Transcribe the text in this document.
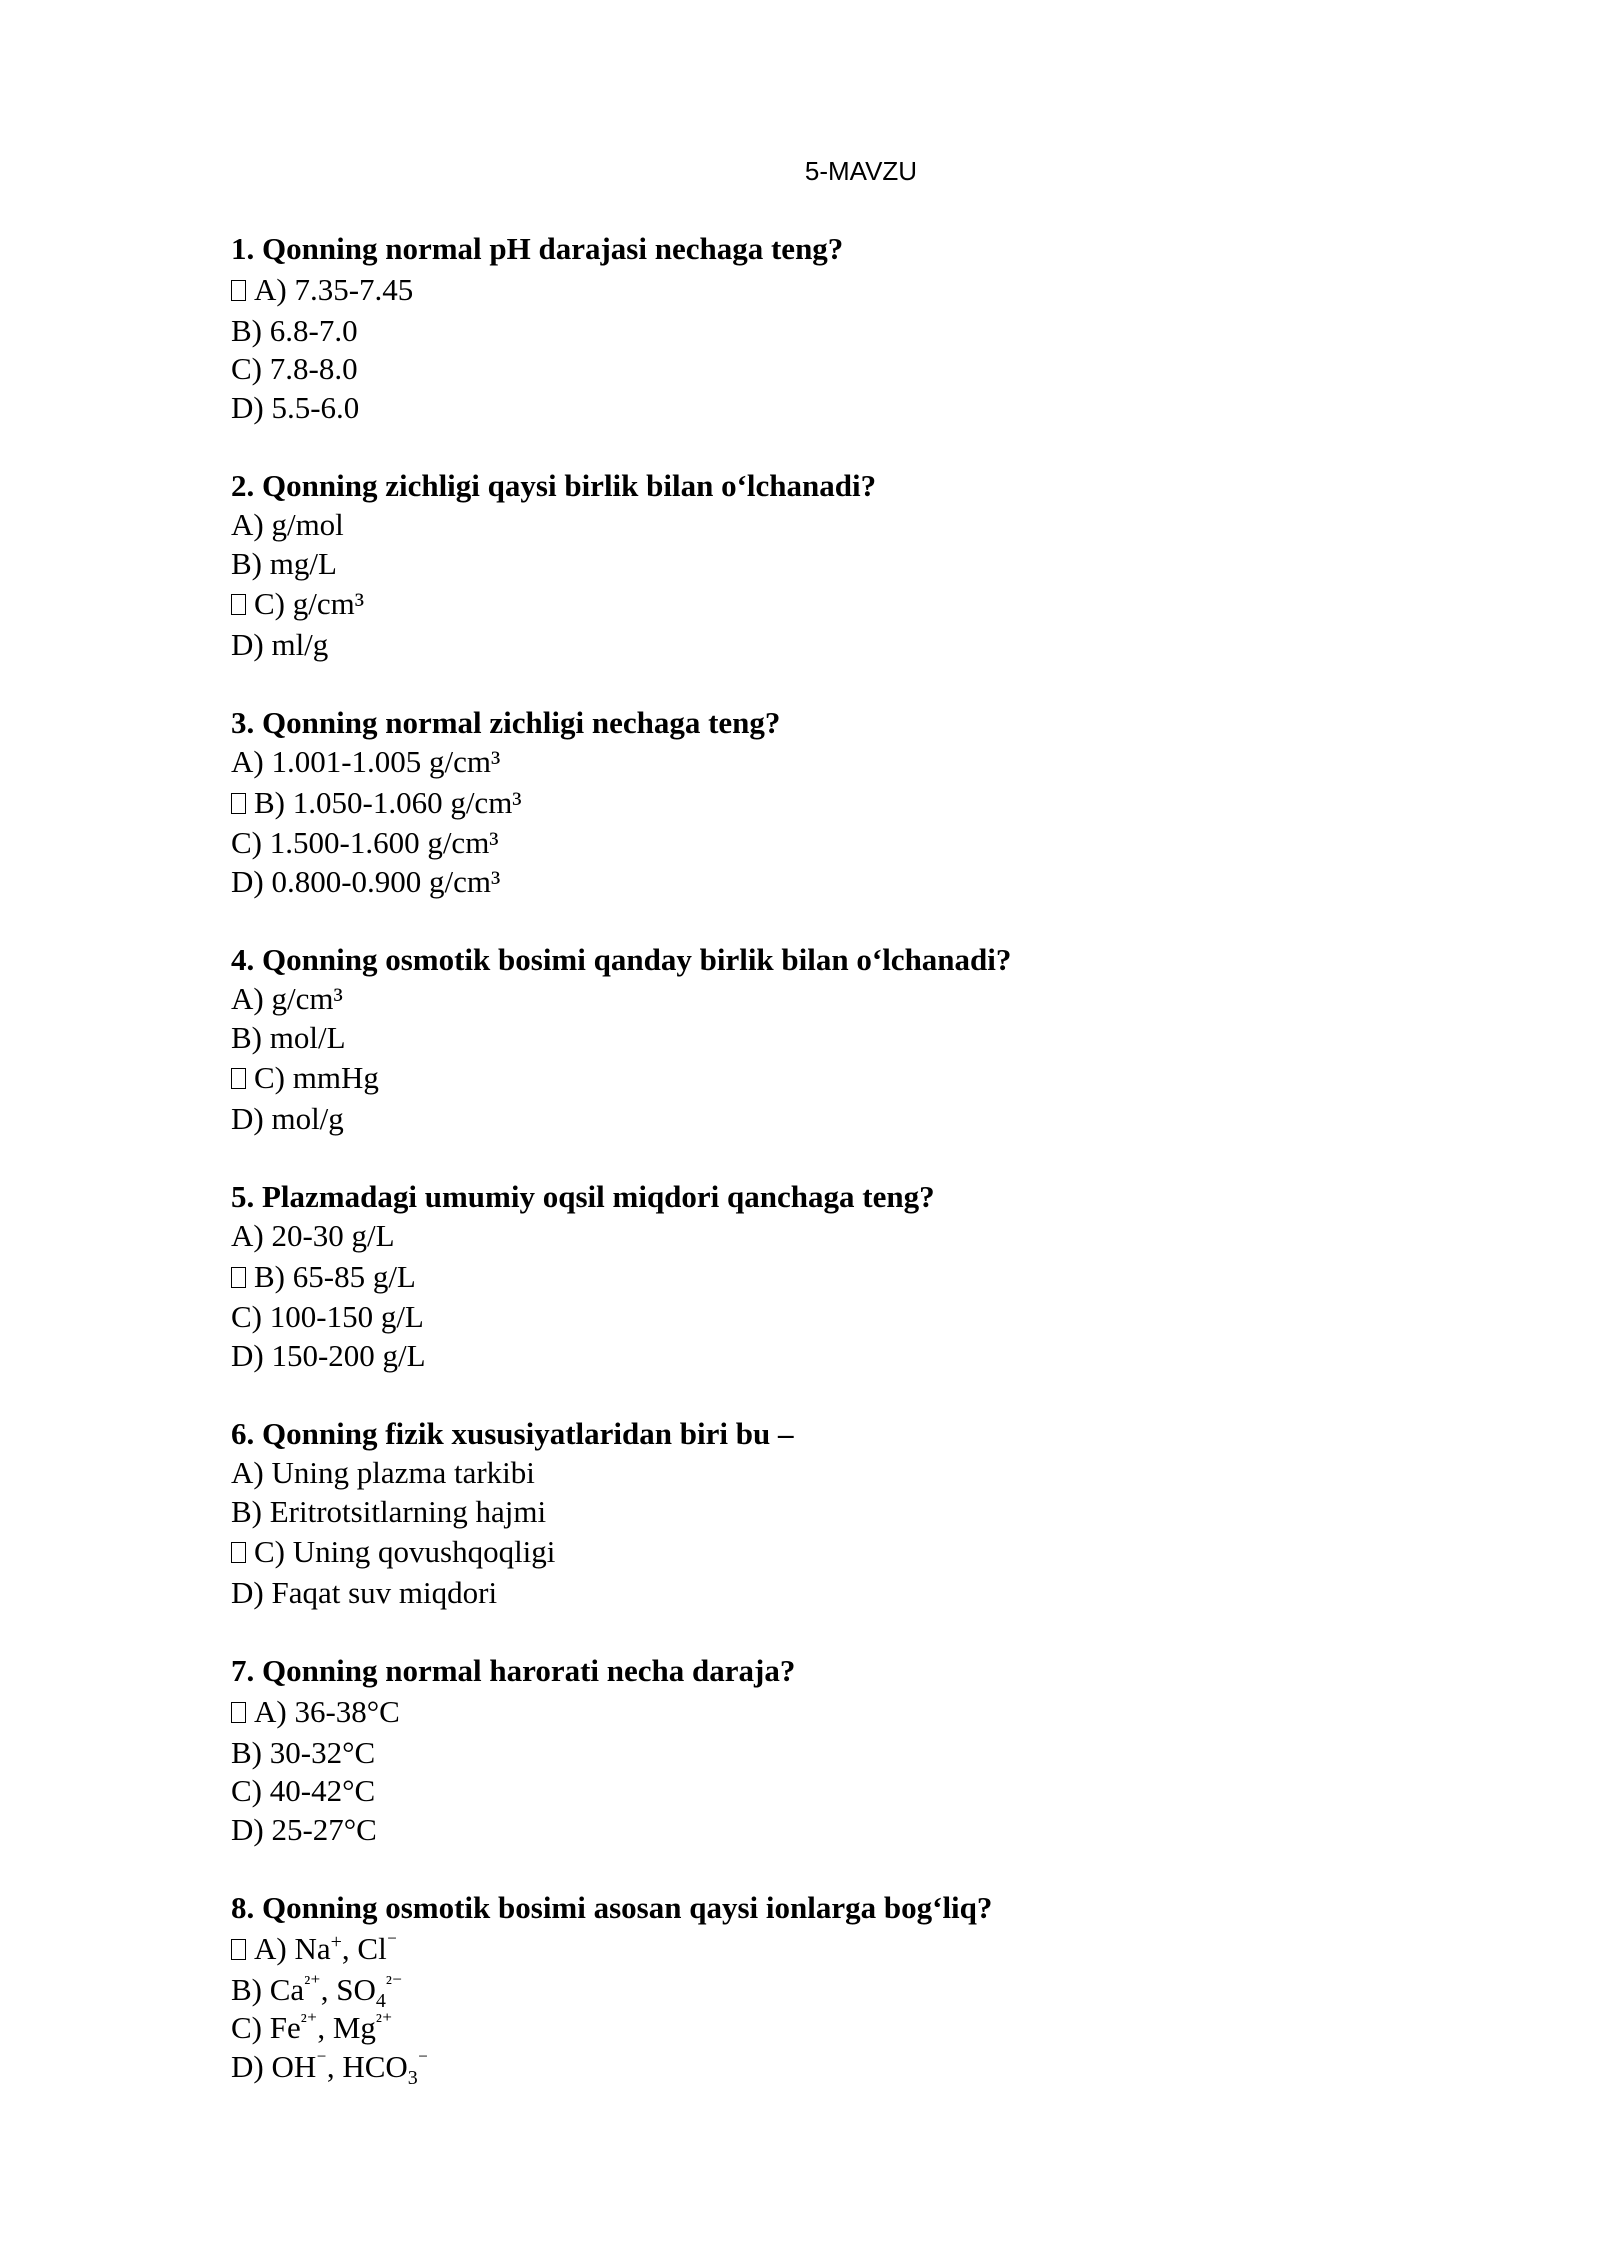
5-MAVZU
1. Qonning normal pH darajasi nechaga teng?
A) 7.35-7.45
B) 6.8-7.0
C) 7.8-8.0
D) 5.5-6.0
2. Qonning zichligi qaysi birlik bilan o‘lchanadi?
A) g/mol
B) mg/L
C) g/cm³
D) ml/g
3. Qonning normal zichligi nechaga teng?
A) 1.001-1.005 g/cm³
B) 1.050-1.060 g/cm³
C) 1.500-1.600 g/cm³
D) 0.800-0.900 g/cm³
4. Qonning osmotik bosimi qanday birlik bilan o‘lchanadi?
A) g/cm³
B) mol/L
C) mmHg
D) mol/g
5. Plazmadagi umumiy oqsil miqdori qanchaga teng?
A) 20-30 g/L
B) 65-85 g/L
C) 100-150 g/L
D) 150-200 g/L
6. Qonning fizik xususiyatlaridan biri bu –
A) Uning plazma tarkibi
B) Eritrotsitlarning hajmi
C) Uning qovushqoqligi
D) Faqat suv miqdori
7. Qonning normal harorati necha daraja?
A) 36-38°C
B) 30-32°C
C) 40-42°C
D) 25-27°C
8. Qonning osmotik bosimi asosan qaysi ionlarga bog‘liq?
A) Na+, Cl⁻
B) $Ca^{^{2+}}$, $SO_4^{^{2-}}$
C) $Fe^{^{2+}}$, $Mg^{^{2+}}$
D) OH⁻, $HCO_3^{^-}$
